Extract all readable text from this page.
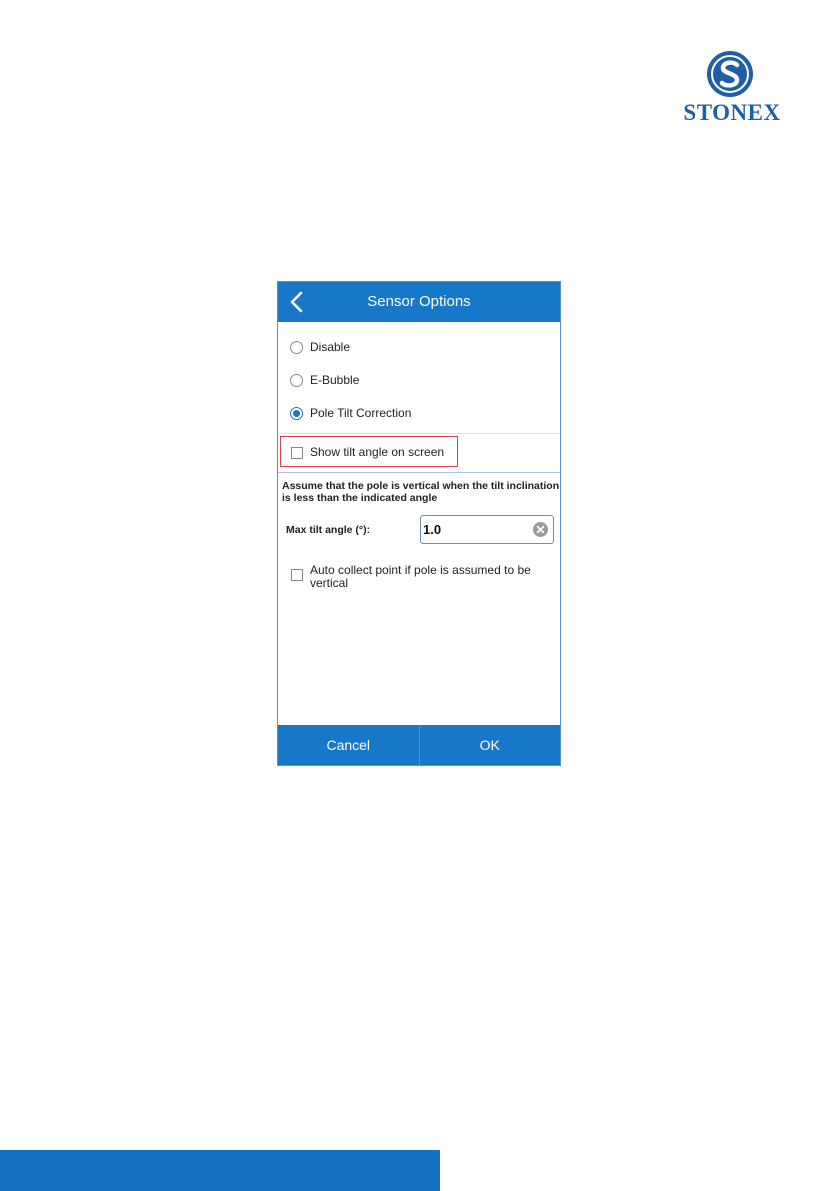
STONEX
Sensor Options
Disable
E-Bubble
Pole Tilt Correction
Show tilt angle on screen
Assume that the pole is vertical when the tilt inclination is less than the indicated angle
Max tilt angle (°):
1.0
Auto collect point if pole is assumed to be vertical
Cancel	OK
